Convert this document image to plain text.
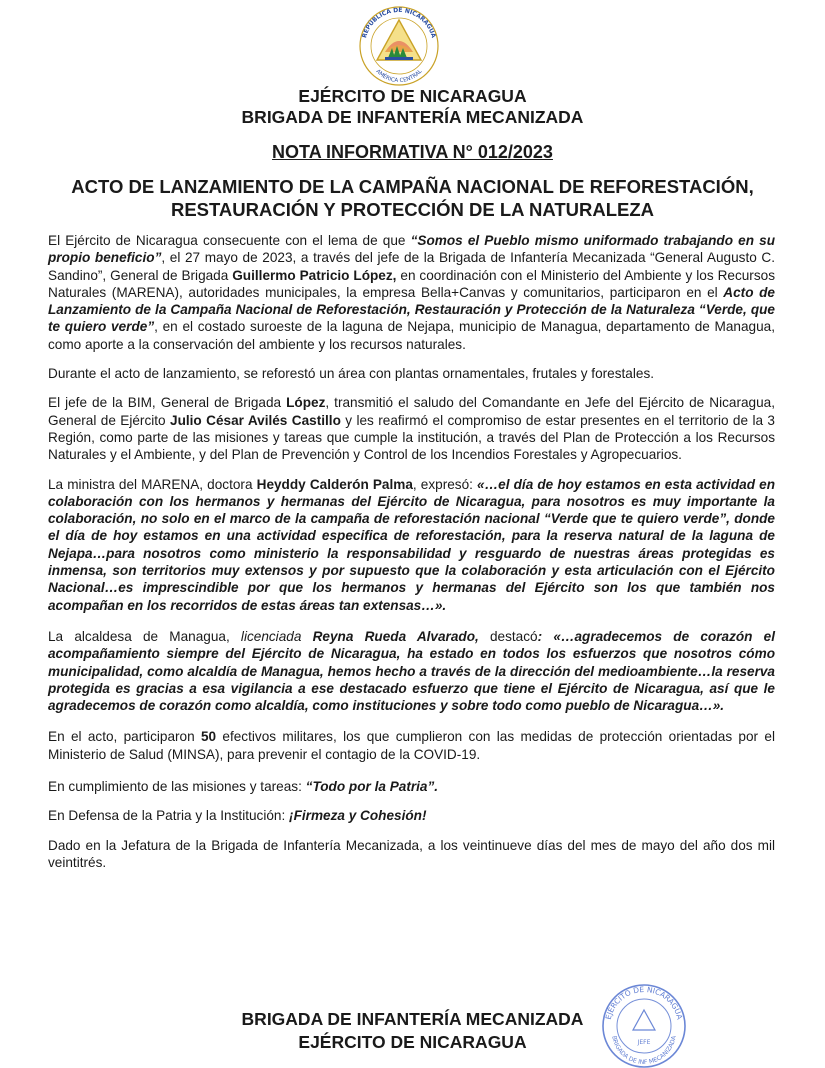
REPÚBLICA DE NICARAGUA
AMÉRICA CENTRAL
EJÉRCITO DE NICARAGUA
BRIGADA DE INFANTERÍA MECANIZADA
NOTA INFORMATIVA N° 012/2023
ACTO DE LANZAMIENTO DE LA CAMPAÑA NACIONAL DE REFORESTACIÓN,
RESTAURACIÓN Y PROTECCIÓN DE LA NATURALEZA

El Ejército de Nicaragua consecuente con el lema de que “Somos el Pueblo mismo uniformado trabajando en su propio beneficio”, el 27 mayo de 2023, a través del jefe de la Brigada de Infantería Mecanizada “General Augusto C. Sandino”, General de Brigada Guillermo Patricio López, en coordinación con el Ministerio del Ambiente y los Recursos Naturales (MARENA), autoridades municipales, la empresa Bella+Canvas y comunitarios, participaron en el Acto de Lanzamiento de la Campaña Nacional de Reforestación, Restauración y Protección de la Naturaleza “Verde, que te quiero verde”, en el costado suroeste de la laguna de Nejapa, municipio de Managua, departamento de Managua, como aporte a la conservación del ambiente y los recursos naturales.

Durante el acto de lanzamiento, se reforestó un área con plantas ornamentales, frutales y forestales.

El jefe de la BIM, General de Brigada López, transmitió el saludo del Comandante en Jefe del Ejército de Nicaragua, General de Ejército Julio César Avilés Castillo y les reafirmó el compromiso de estar presentes en el territorio de la 3 Región, como parte de las misiones y tareas que cumple la institución, a través del Plan de Protección a los Recursos Naturales y el Ambiente, y del Plan de Prevención y Control de los Incendios Forestales y Agropecuarios.

La ministra del MARENA, doctora Heyddy Calderón Palma, expresó: «…el día de hoy estamos en esta actividad en colaboración con los hermanos y hermanas del Ejército de Nicaragua, para nosotros es muy importante la colaboración, no solo en el marco de la campaña de reforestación nacional “Verde que te quiero verde”, donde el día de hoy estamos en una actividad especifica de reforestación, para la reserva natural de la laguna de Nejapa…para nosotros como ministerio la responsabilidad y resguardo de nuestras áreas protegidas es inmensa, son territorios muy extensos y por supuesto que la colaboración y esta articulación con el Ejército Nacional…es imprescindible por que los hermanos y hermanas del Ejército son los que también nos acompañan en los recorridos de estas áreas tan extensas…».

La alcaldesa de Managua, licenciada Reyna Rueda Alvarado, destacó: «…agradecemos de corazón el acompañamiento siempre del Ejército de Nicaragua, ha estado en todos los esfuerzos que nosotros cómo municipalidad, como alcaldía de Managua, hemos hecho a través de la dirección del medioambiente…la reserva protegida es gracias a esa vigilancia a ese destacado esfuerzo que tiene el Ejército de Nicaragua, así que le agradecemos de corazón como alcaldía, como instituciones y sobre todo como pueblo de Nicaragua…».

En el acto, participaron 50 efectivos militares, los que cumplieron con las medidas de protección orientadas por el Ministerio de Salud (MINSA), para prevenir el contagio de la COVID-19.

En cumplimiento de las misiones y tareas: “Todo por la Patria”.

En Defensa de la Patria y la Institución: ¡Firmeza y Cohesión!

Dado en la Jefatura de la Brigada de Infantería Mecanizada, a los veintinueve días del mes de mayo del año dos mil veintitrés.

EJÉRCITO DE NICARAGUA
BRIGADA DE INF MECANIZADA
JEFE
BRIGADA DE INFANTERÍA MECANIZADA
EJÉRCITO DE NICARAGUA
